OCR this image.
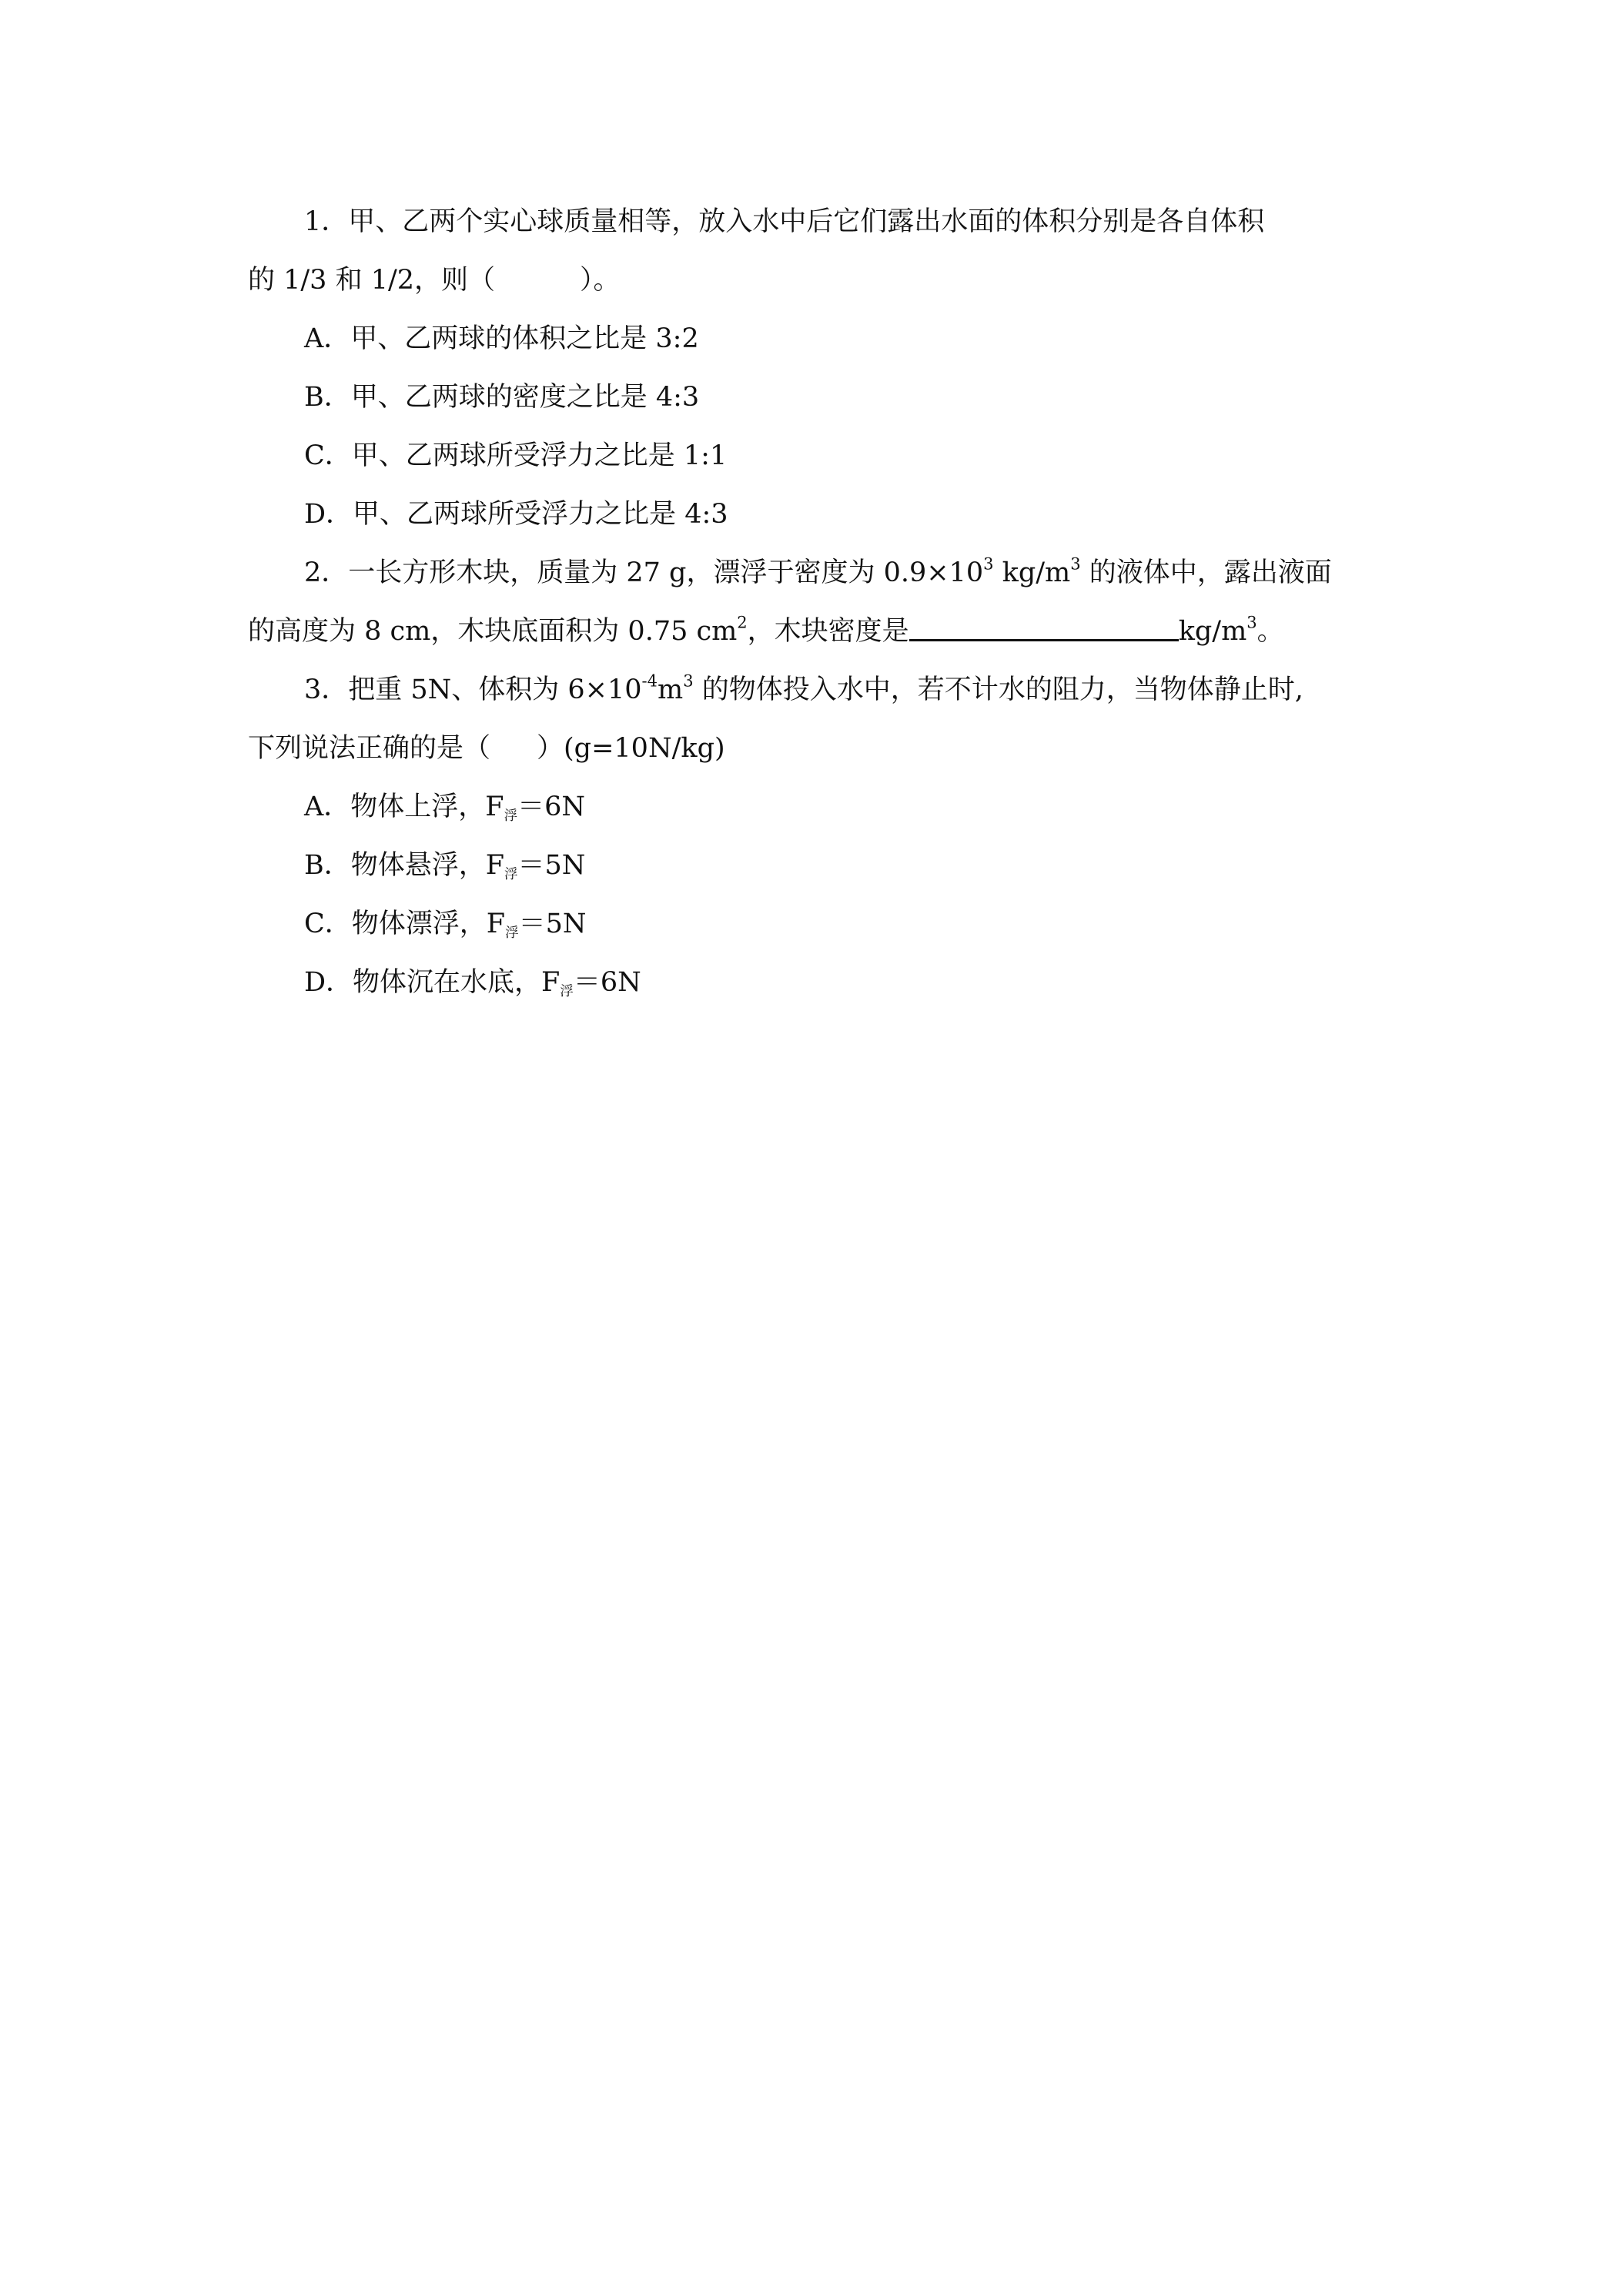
1．甲、乙两个实心球质量相等，放入水中后它们露出水面的体积分别是各自体积

的 1/3 和 1/2，则（	）。

A．甲、乙两球的体积之比是 3:2

B．甲、乙两球的密度之比是 4:3

C．甲、乙两球所受浮力之比是 1:1

D．甲、乙两球所受浮力之比是 4:3

2．一长方形木块，质量为 27 g，漂浮于密度为 $0.9\times 10^3$ $kg/m^3$ 的液体中，露出液面

的高度为 8 cm，木块底面积为 0.75 $cm^2$，木块密度是	$kg/m^3$。

3．把重 5N、体积为 $6\times 10^{-4}m^3$ 的物体投入水中，若不计水的阻力，当物体静止时,

下列说法正确的是（ ）(g=10N/kg)

A．物体上浮，$F_浮=6N$

B．物体悬浮，$F_浮=5N$

C．物体漂浮，$F_浮=5N$

D．物体沉在水底，$F_浮=6N$
